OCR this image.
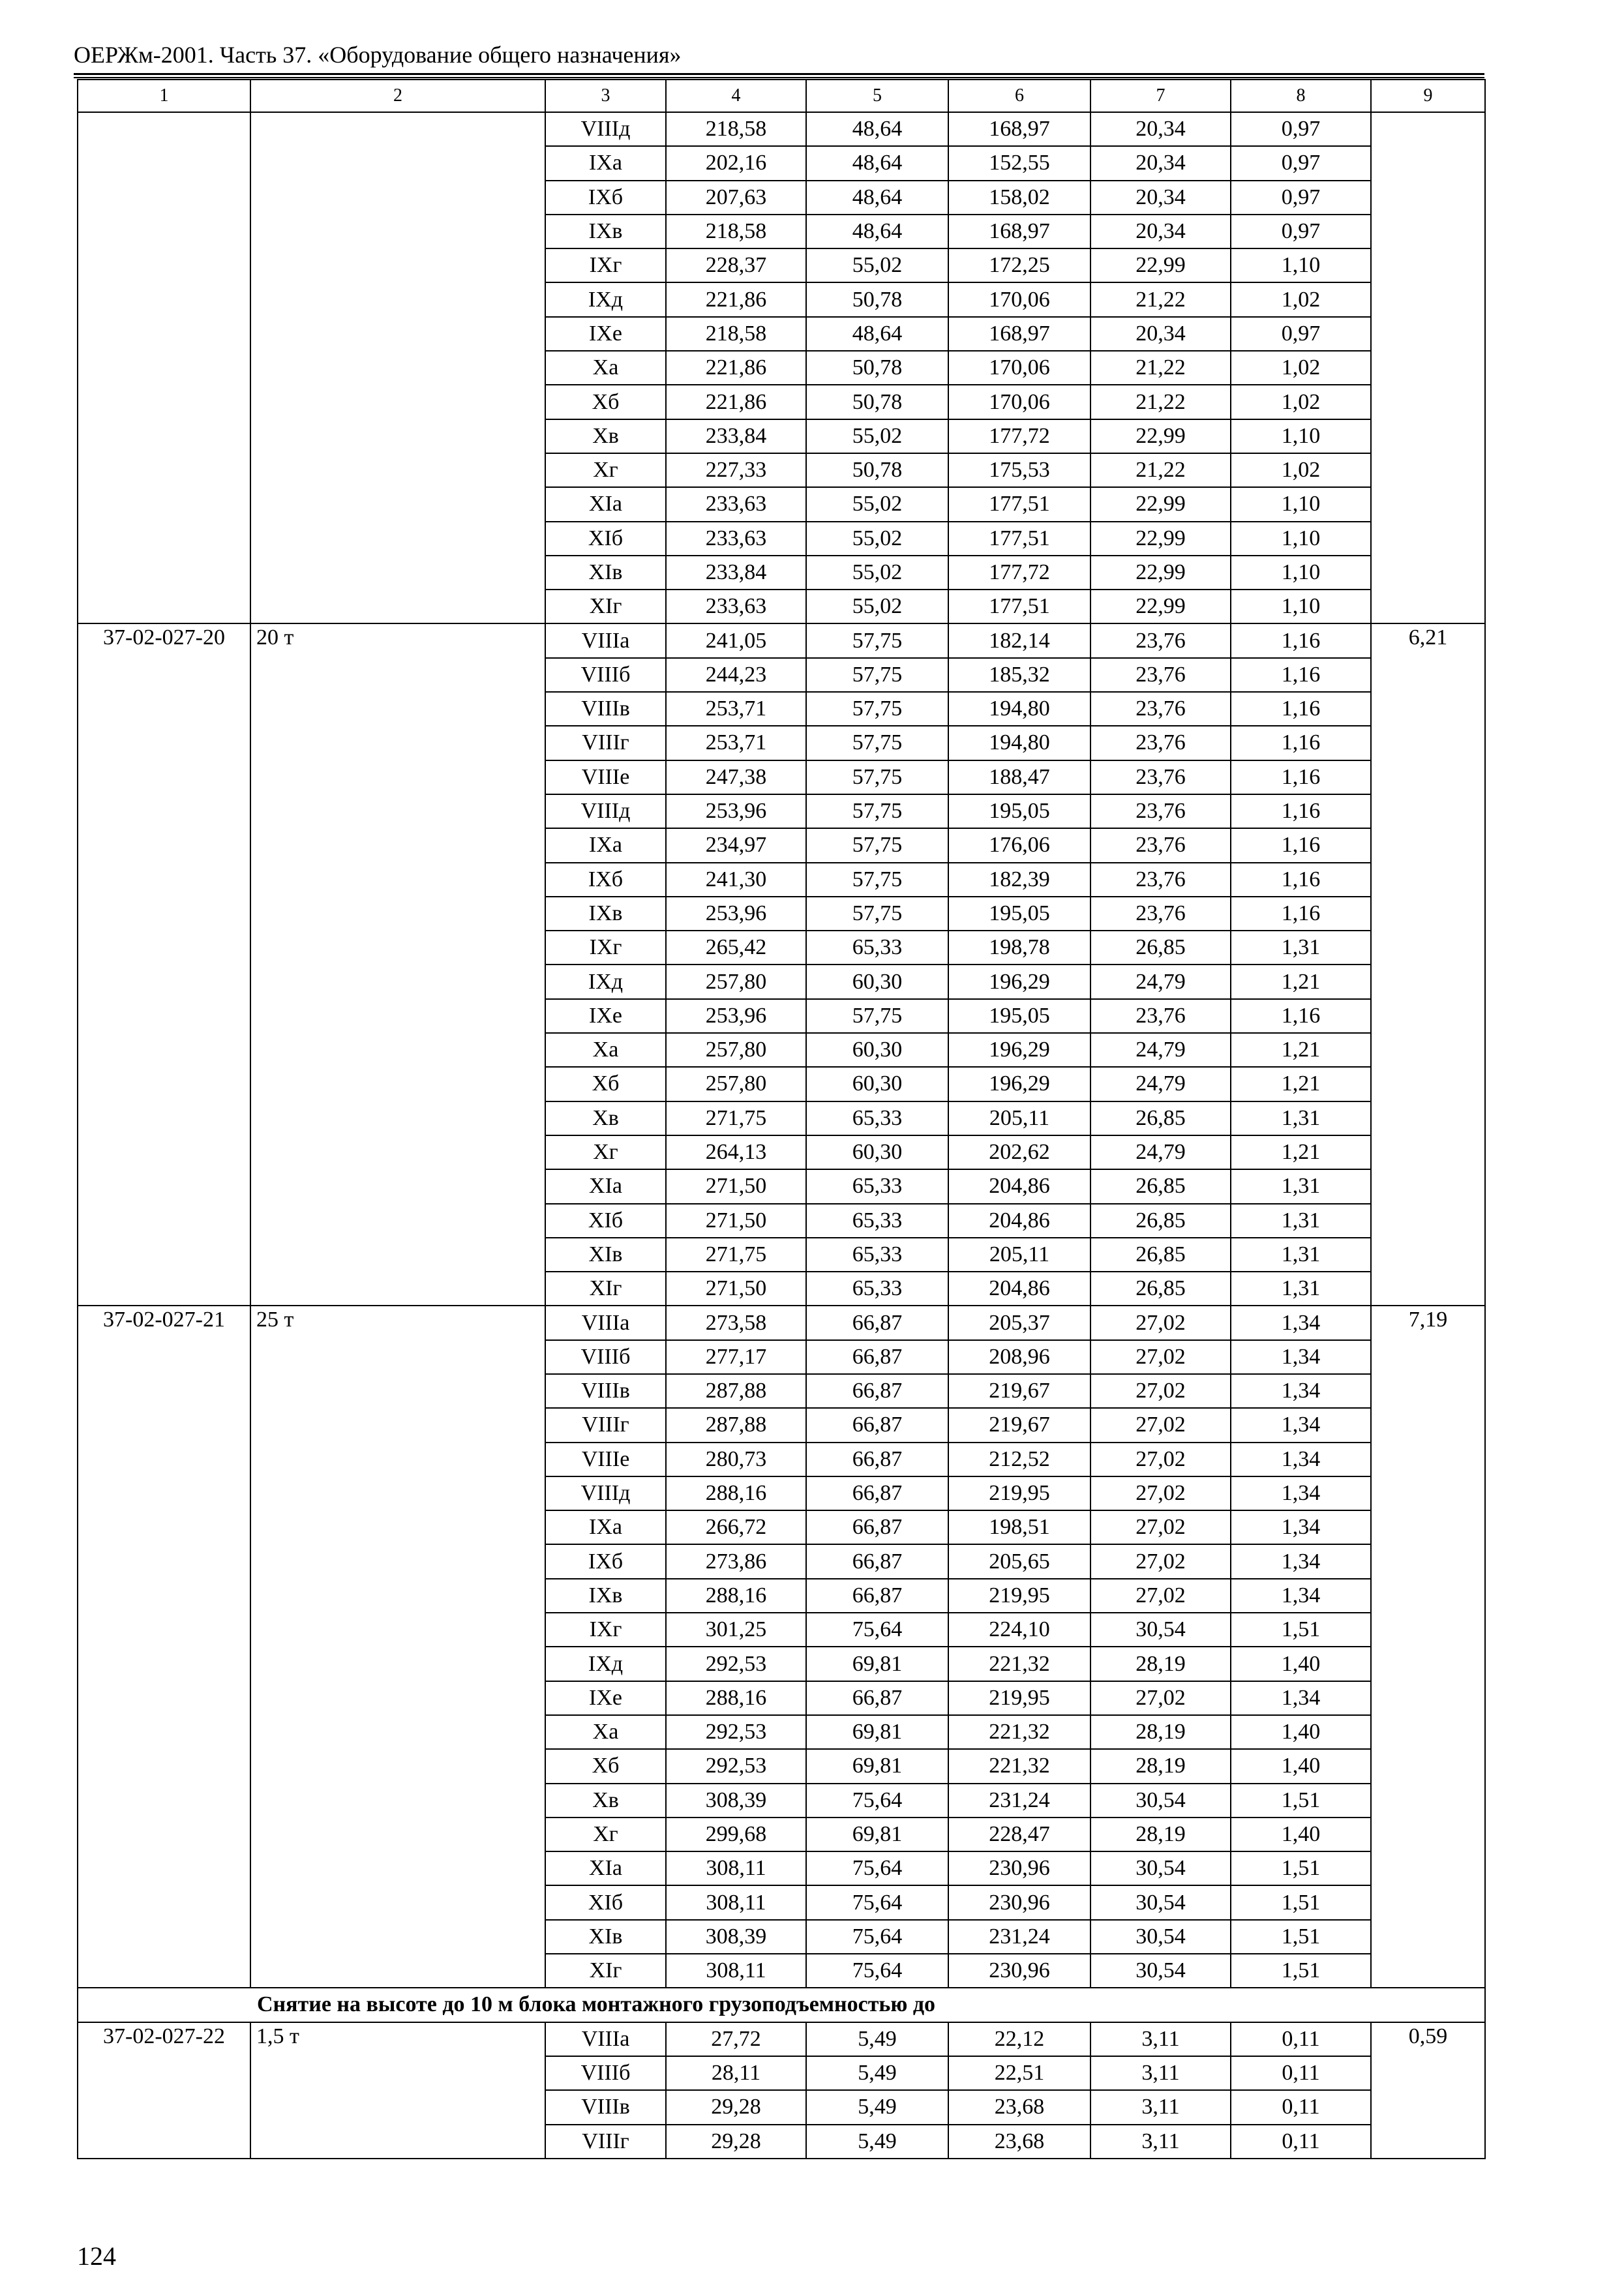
ОЕРЖм-2001. Часть 37. «Оборудование общего назначения»
1	2	3	4	5	6	7	8	9
		VIIIд	218,58	48,64	168,97	20,34	0,97	
		IXа	202,16	48,64	152,55	20,34	0,97	
		IXб	207,63	48,64	158,02	20,34	0,97	
		IXв	218,58	48,64	168,97	20,34	0,97	
		IXг	228,37	55,02	172,25	22,99	1,10	
		IXд	221,86	50,78	170,06	21,22	1,02	
		IXе	218,58	48,64	168,97	20,34	0,97	
		Xа	221,86	50,78	170,06	21,22	1,02	
		Xб	221,86	50,78	170,06	21,22	1,02	
		Xв	233,84	55,02	177,72	22,99	1,10	
		Xг	227,33	50,78	175,53	21,22	1,02	
		XIа	233,63	55,02	177,51	22,99	1,10	
		XIб	233,63	55,02	177,51	22,99	1,10	
		XIв	233,84	55,02	177,72	22,99	1,10	
		XIг	233,63	55,02	177,51	22,99	1,10	
37-02-027-20	20 т	VIIIа	241,05	57,75	182,14	23,76	1,16	6,21
		VIIIб	244,23	57,75	185,32	23,76	1,16	
		VIIIв	253,71	57,75	194,80	23,76	1,16	
		VIIIг	253,71	57,75	194,80	23,76	1,16	
		VIIIе	247,38	57,75	188,47	23,76	1,16	
		VIIIд	253,96	57,75	195,05	23,76	1,16	
		IXа	234,97	57,75	176,06	23,76	1,16	
		IXб	241,30	57,75	182,39	23,76	1,16	
		IXв	253,96	57,75	195,05	23,76	1,16	
		IXг	265,42	65,33	198,78	26,85	1,31	
		IXд	257,80	60,30	196,29	24,79	1,21	
		IXе	253,96	57,75	195,05	23,76	1,16	
		Xа	257,80	60,30	196,29	24,79	1,21	
		Xб	257,80	60,30	196,29	24,79	1,21	
		Xв	271,75	65,33	205,11	26,85	1,31	
		Xг	264,13	60,30	202,62	24,79	1,21	
		XIа	271,50	65,33	204,86	26,85	1,31	
		XIб	271,50	65,33	204,86	26,85	1,31	
		XIв	271,75	65,33	205,11	26,85	1,31	
		XIг	271,50	65,33	204,86	26,85	1,31	
37-02-027-21	25 т	VIIIа	273,58	66,87	205,37	27,02	1,34	7,19
		VIIIб	277,17	66,87	208,96	27,02	1,34	
		VIIIв	287,88	66,87	219,67	27,02	1,34	
		VIIIг	287,88	66,87	219,67	27,02	1,34	
		VIIIе	280,73	66,87	212,52	27,02	1,34	
		VIIIд	288,16	66,87	219,95	27,02	1,34	
		IXа	266,72	66,87	198,51	27,02	1,34	
		IXб	273,86	66,87	205,65	27,02	1,34	
		IXв	288,16	66,87	219,95	27,02	1,34	
		IXг	301,25	75,64	224,10	30,54	1,51	
		IXд	292,53	69,81	221,32	28,19	1,40	
		IXе	288,16	66,87	219,95	27,02	1,34	
		Xа	292,53	69,81	221,32	28,19	1,40	
		Xб	292,53	69,81	221,32	28,19	1,40	
		Xв	308,39	75,64	231,24	30,54	1,51	
		Xг	299,68	69,81	228,47	28,19	1,40	
		XIа	308,11	75,64	230,96	30,54	1,51	
		XIб	308,11	75,64	230,96	30,54	1,51	
		XIв	308,39	75,64	231,24	30,54	1,51	
		XIг	308,11	75,64	230,96	30,54	1,51	
Снятие на высоте до 10 м блока монтажного грузоподъемностью до								
37-02-027-22	1,5 т	VIIIа	27,72	5,49	22,12	3,11	0,11	0,59
		VIIIб	28,11	5,49	22,51	3,11	0,11	
		VIIIв	29,28	5,49	23,68	3,11	0,11	
		VIIIг	29,28	5,49	23,68	3,11	0,11	
124
